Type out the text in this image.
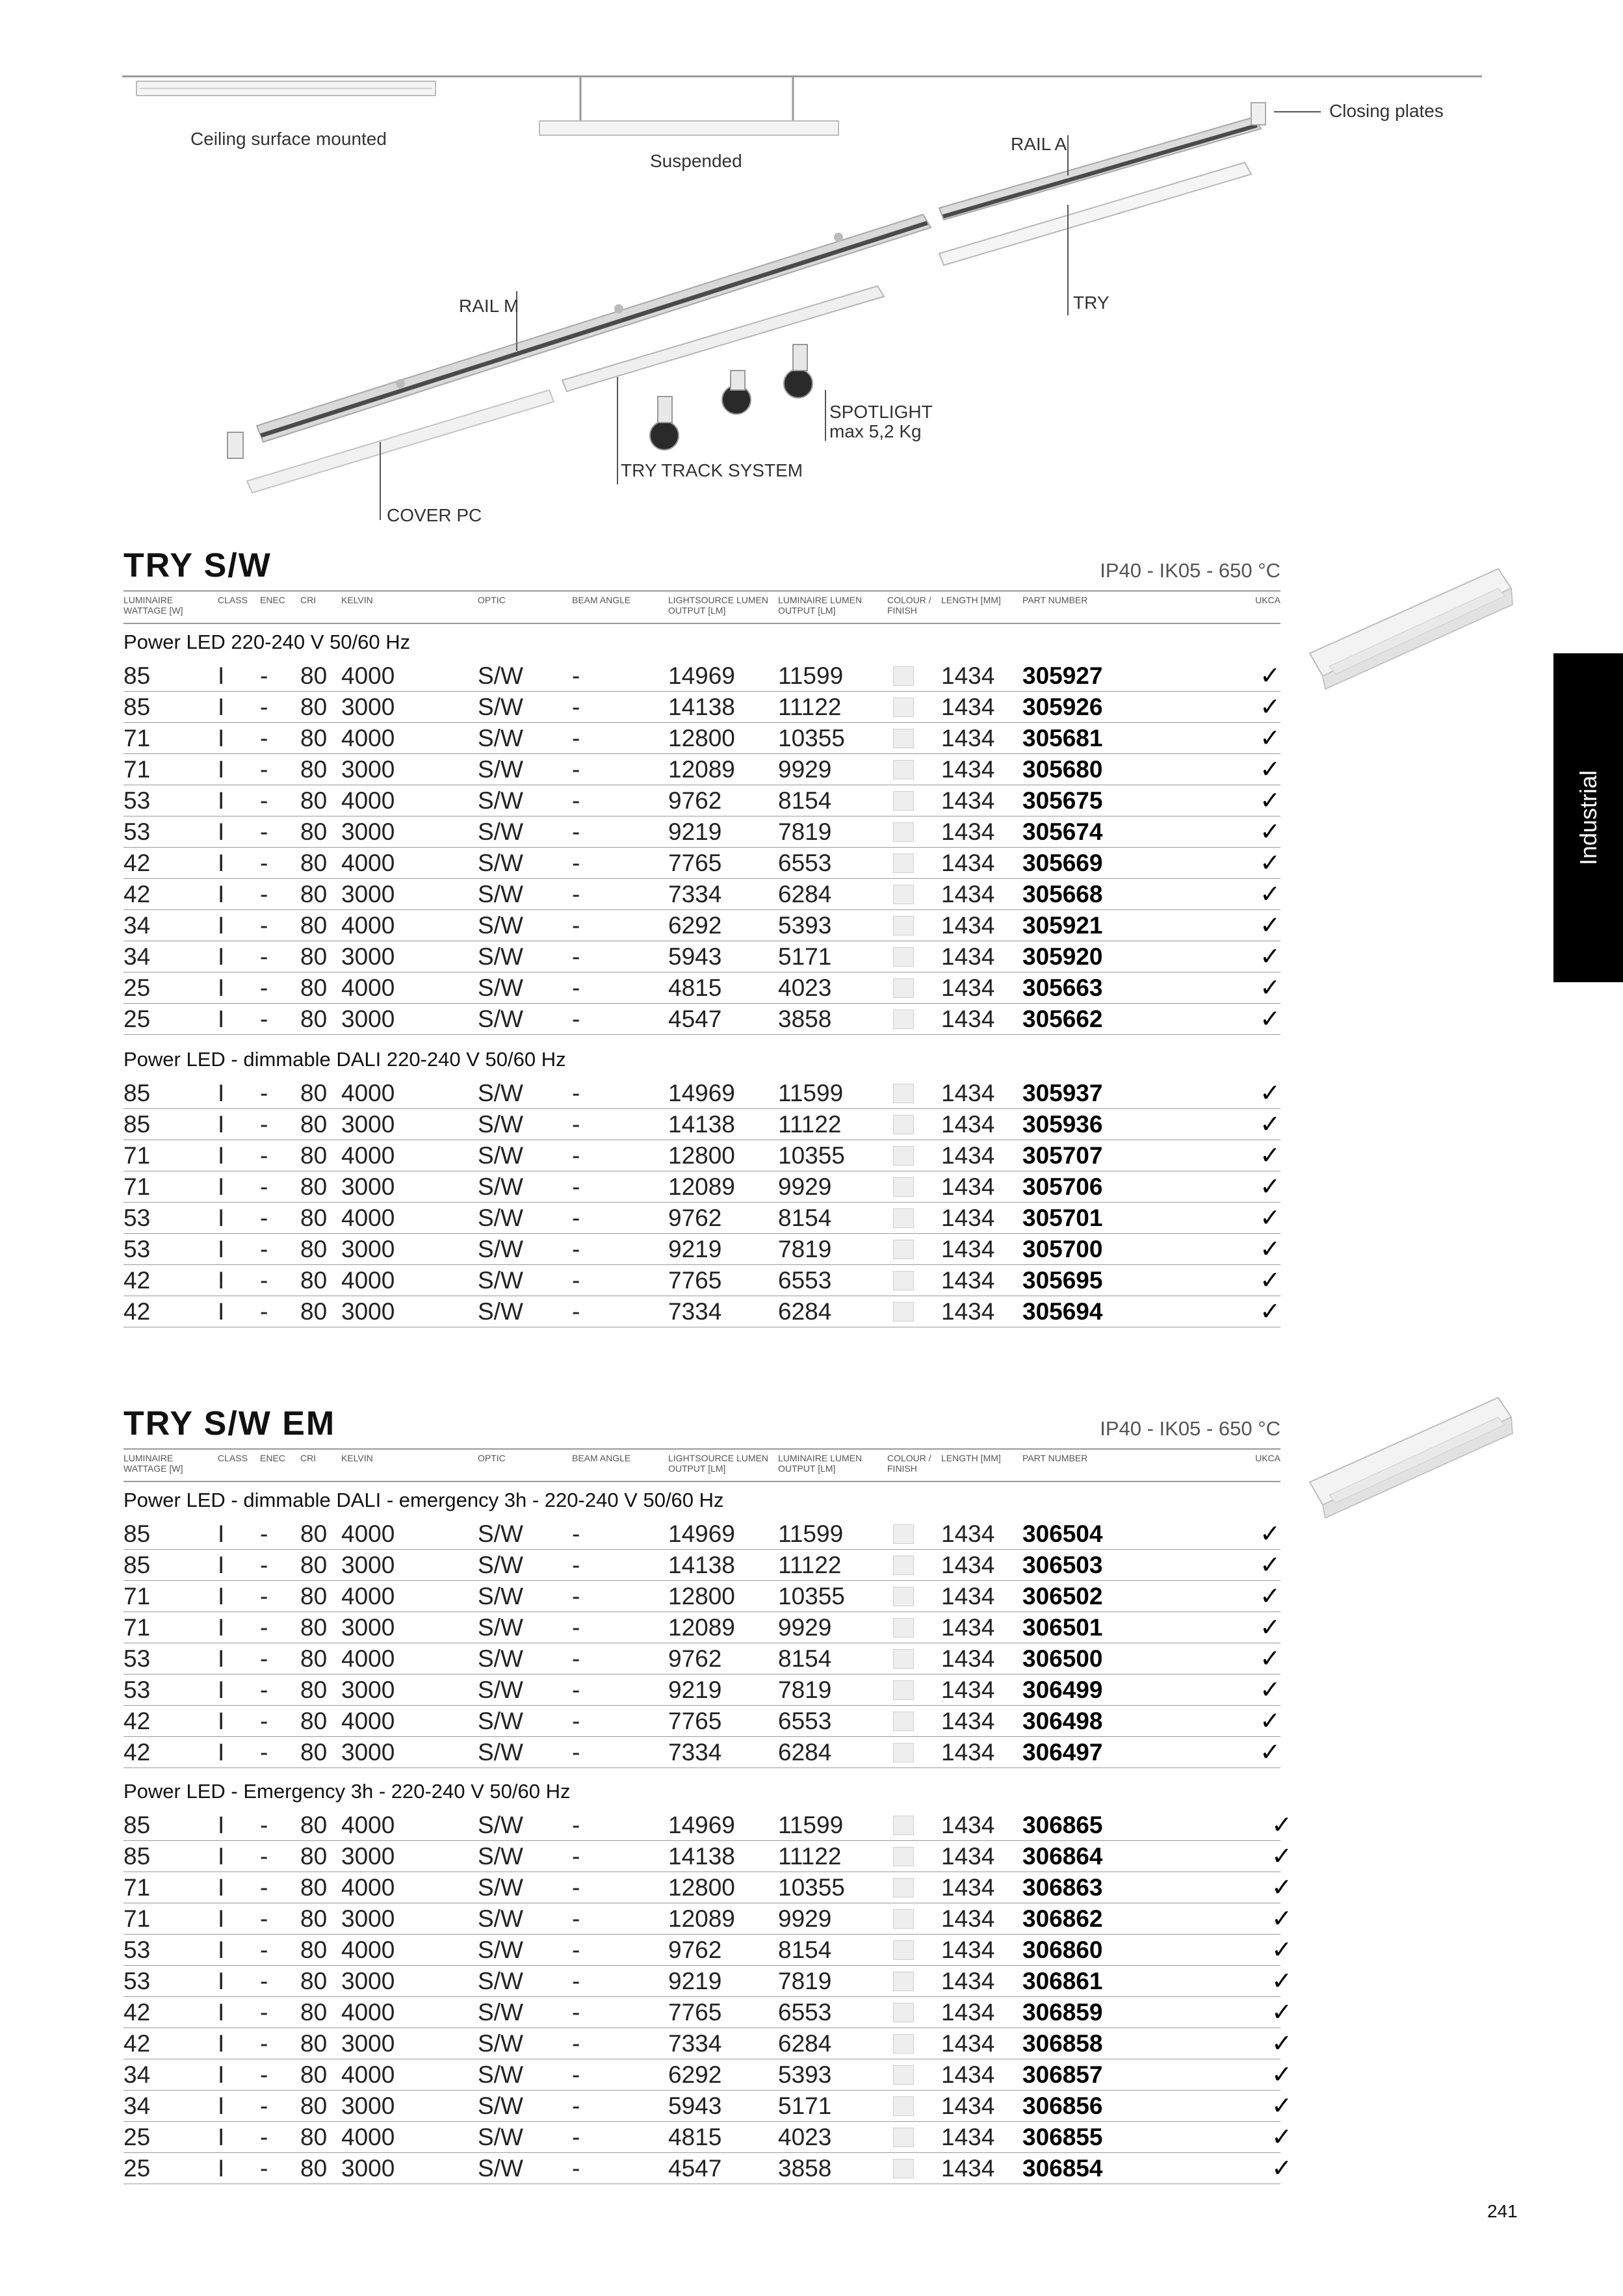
Ceiling surface mounted
Suspended
RAIL A
Closing plates
RAIL M	TRY
SPOTLIGHT
max 5,2 Kg
TRY TRACK SYSTEM
COVER PC
TRY S/W	IP40 - IK05 - 650 °C
LUMINAIRE
WATTAGE [W]
CLASS ENEC CRI	KELVIN	OPTIC	BEAM ANGLE	LIGHTSOURCE LUMEN
OUTPUT [LM]
LUMINAIRE LUMEN
OUTPUT [LM]
COLOUR /
FINISH
LENGTH [MM] PART NUMBER	UKCA
Power LED 220-240 V 50/60 Hz
85	I - 80 4000	S/W -	14969 11599	1434 305927	✓
85	I - 80 3000	S/W -	14138 11122	1434 305926	✓
71	I - 80 4000	S/W -	12800 10355	1434 305681	✓
71	I - 80 3000	S/W -	12089 9929	1434 305680	✓
53	I - 80 4000	S/W -	9762 8154	1434 305675	✓
53	I - 80 3000	S/W -	9219 7819	1434 305674	✓
42	I - 80 4000	S/W -	7765 6553	1434 305669	✓
42	I - 80 3000	S/W -	7334 6284	1434 305668	✓
34	I - 80 4000	S/W -	6292 5393	1434 305921	✓
34	I - 80 3000	S/W -	5943 5171	1434 305920	✓
25	I - 80 4000	S/W -	4815 4023	1434 305663	✓
25	I - 80 3000	S/W -	4547 3858	1434 305662	✓
Power LED - dimmable DALI 220-240 V 50/60 Hz
85	I - 80 4000	S/W -	14969 11599	1434 305937	✓
85	I - 80 3000	S/W -	14138 11122	1434 305936	✓
71	I - 80 4000	S/W -	12800 10355	1434 305707	✓
71	I - 80 3000	S/W -	12089 9929	1434 305706	✓
53	I - 80 4000	S/W -	9762 8154	1434 305701	✓
53	I - 80 3000	S/W -	9219 7819	1434 305700	✓
42	I - 80 4000	S/W -	7765 6553	1434 305695	✓
42	I - 80 3000	S/W -	7334 6284	1434 305694	✓
TRY S/W EM	IP40 - IK05 - 650 °C
LUMINAIRE
WATTAGE [W]
CLASS ENEC CRI	KELVIN	OPTIC	BEAM ANGLE	LIGHTSOURCE LUMEN
OUTPUT [LM]
LUMINAIRE LUMEN
OUTPUT [LM]
COLOUR /
FINISH
LENGTH [MM] PART NUMBER	UKCA
Power LED - dimmable DALI - emergency 3h - 220-240 V 50/60 Hz
85	I - 80 4000	S/W -	14969 11599	1434 306504	✓
85	I - 80 3000	S/W -	14138 11122	1434 306503	✓
71	I - 80 4000	S/W -	12800 10355	1434 306502	✓
71	I - 80 3000	S/W -	12089 9929	1434 306501	✓
53	I - 80 4000	S/W -	9762 8154	1434 306500	✓
53	I - 80 3000	S/W -	9219 7819	1434 306499	✓
42	I - 80 4000	S/W -	7765 6553	1434 306498	✓
42	I - 80 3000	S/W -	7334 6284	1434 306497	✓
Power LED - Emergency 3h - 220-240 V 50/60 Hz
85	I - 80 4000	S/W -	14969 11599	1434 306865	✓
85	I - 80 3000	S/W -	14138 11122	1434 306864	✓
71	I - 80 4000	S/W -	12800 10355	1434 306863	✓
71	I - 80 3000	S/W -	12089 9929	1434 306862	✓
53	I - 80 4000	S/W -	9762 8154	1434 306860	✓
53	I - 80 3000	S/W -	9219 7819	1434 306861	✓
42	I - 80 4000	S/W -	7765 6553	1434 306859	✓
42	I - 80 3000	S/W -	7334 6284	1434 306858	✓
34	I - 80 4000	S/W -	6292 5393	1434 306857	✓
34	I - 80 3000	S/W -	5943 5171	1434 306856	✓
25	I - 80 4000	S/W -	4815 4023	1434 306855	✓
25	I - 80 3000	S/W -	4547 3858	1434 306854	✓
Industrial
241
